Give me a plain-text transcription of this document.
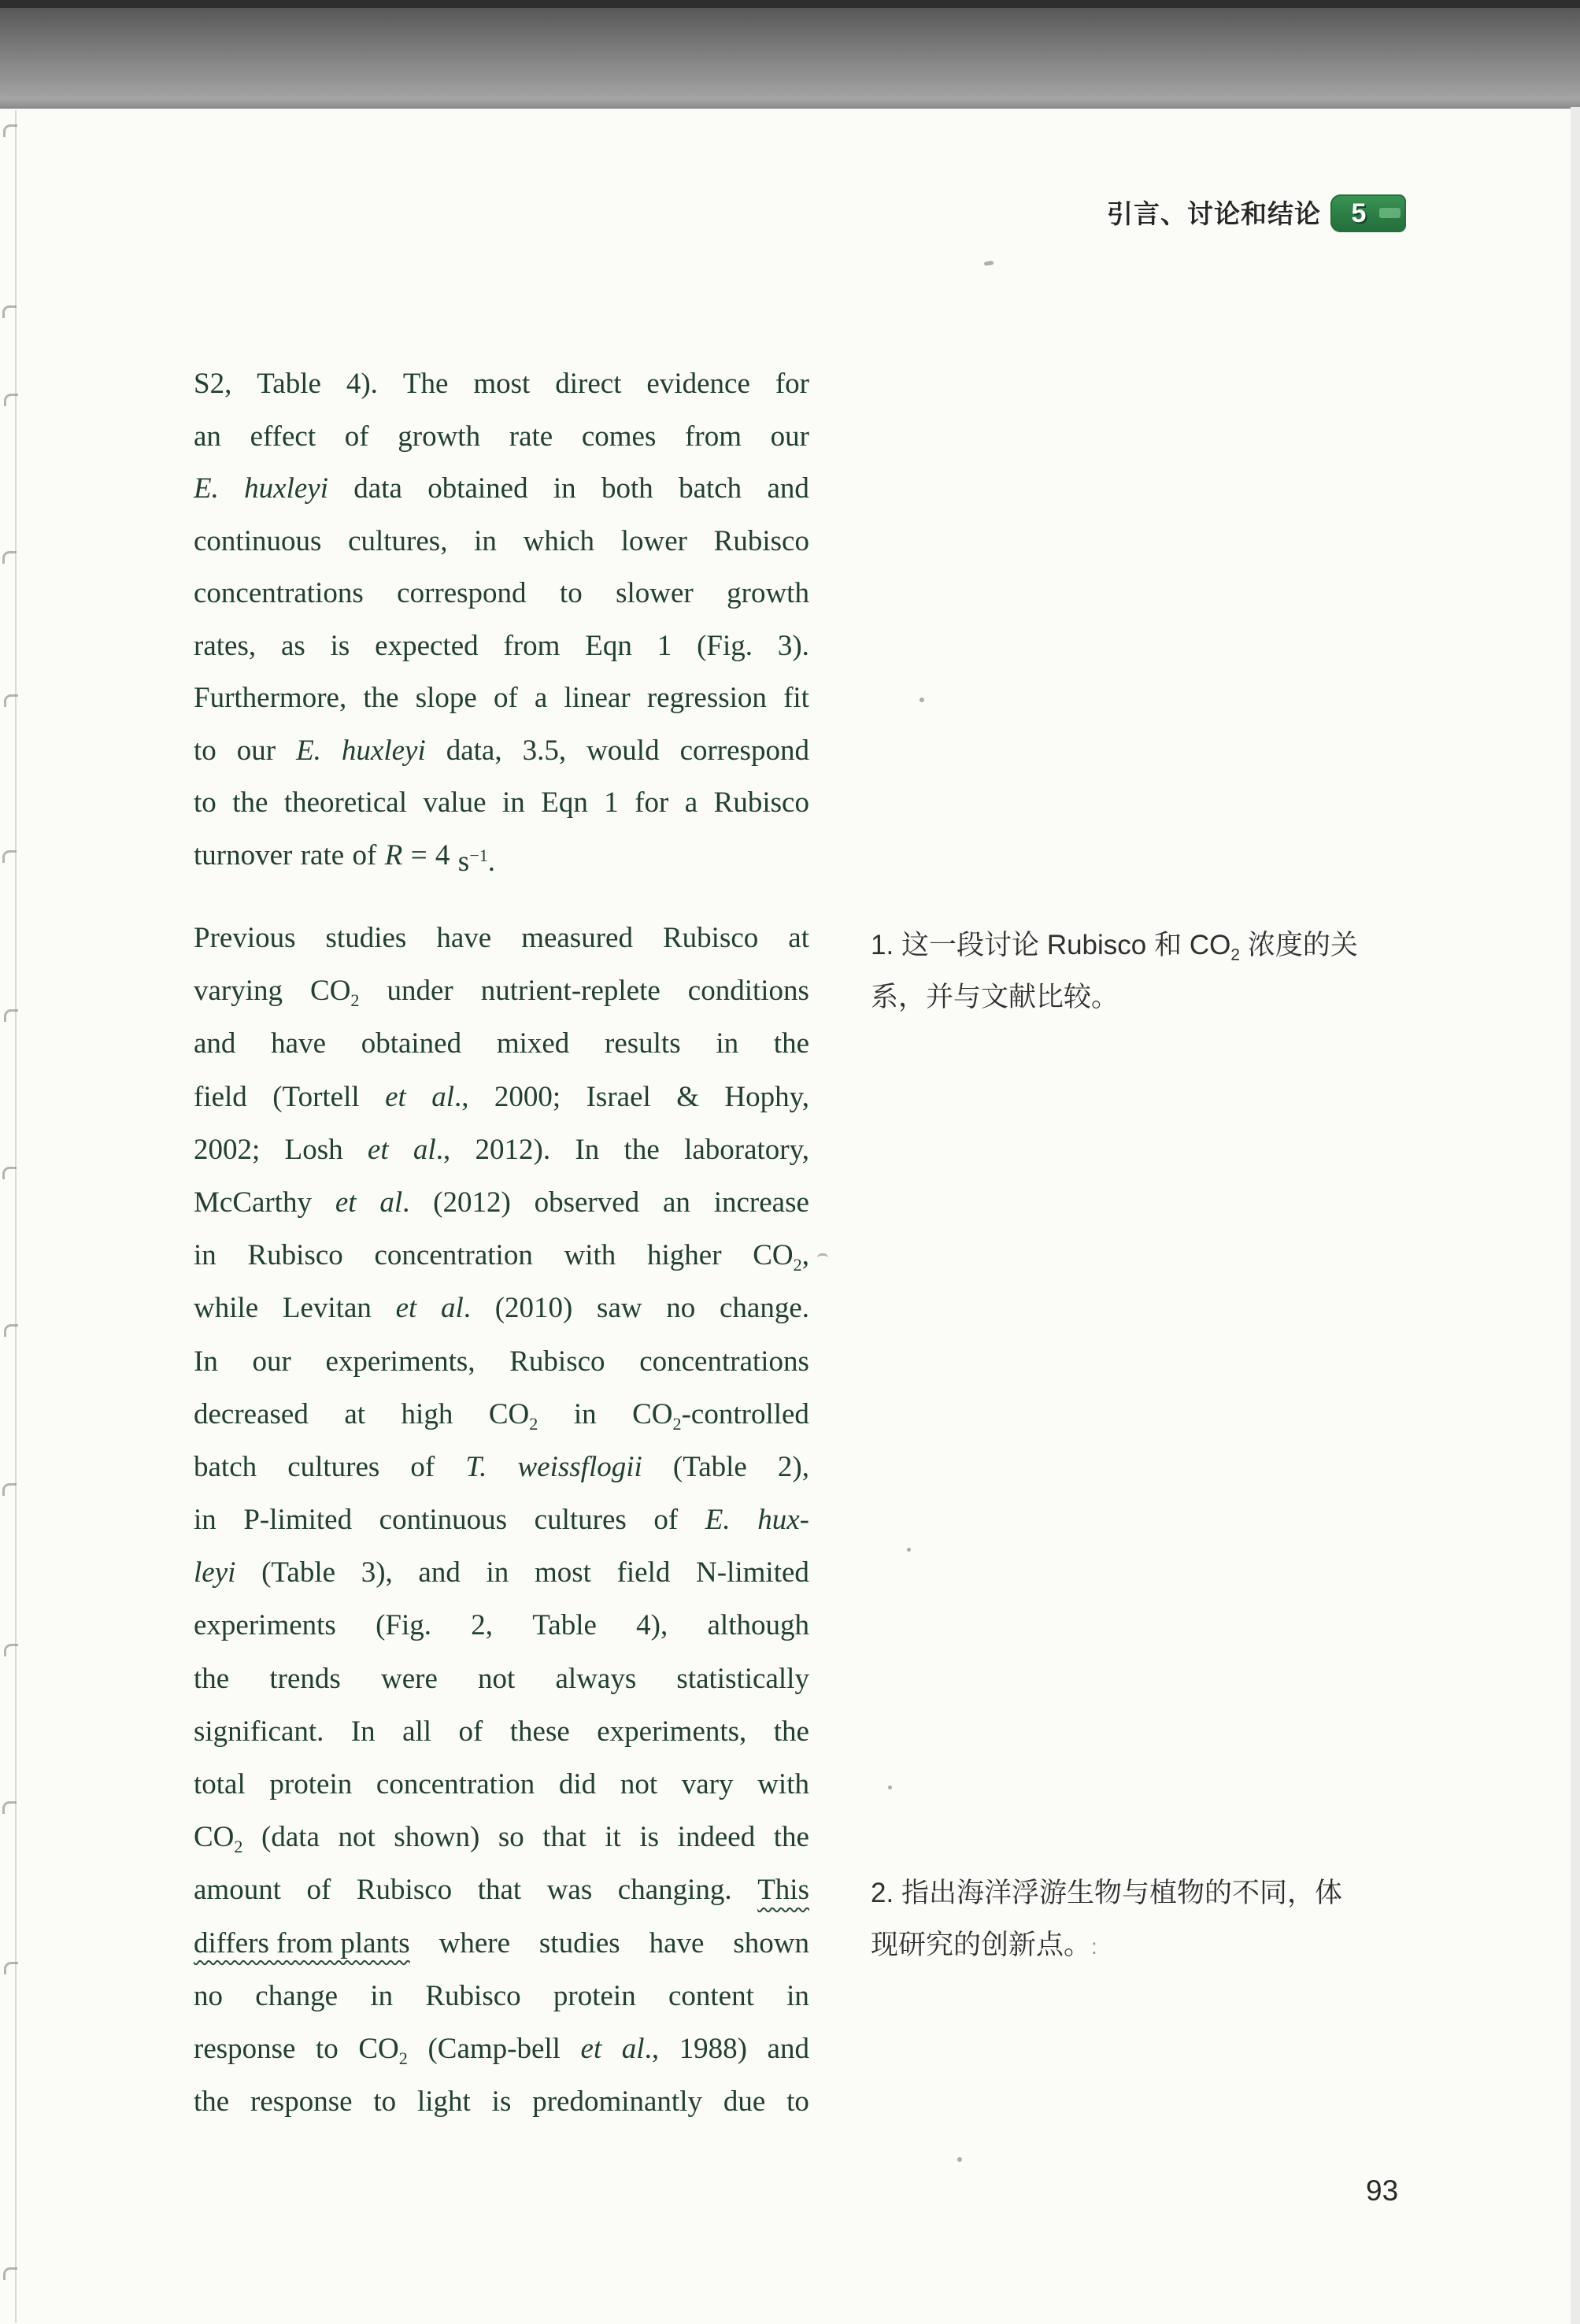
引言、讨论和结论	5
S2, Table 4). The most direct evidence for
an effect of growth rate comes from our
E. huxleyi data obtained in both batch and
continuous cultures, in which lower Rubisco
concentrations correspond to slower growth
rates, as is expected from Eqn 1 (Fig. 3).
Furthermore, the slope of a linear regression fit
to our E. huxleyi data, 3.5, would correspond
to the theoretical value in Eqn 1 for a Rubisco
turnover rate of R = 4 $s^{-1}$.
Previous studies have measured Rubisco at
varying $CO_2$ under nutrient-replete conditions
and have obtained mixed results in the
field (Tortell et al., 2000; Israel & Hophy,
2002; Losh et al., 2012). In the laboratory,
McCarthy et al. (2012) observed an increase
in Rubisco concentration with higher $CO_2$,
while Levitan et al. (2010) saw no change.
In our experiments, Rubisco concentrations
decreased at high $CO_2$ in $CO_2$-controlled
batch cultures of T. weissflogii (Table 2),
in P-limited continuous cultures of E. hux-
leyi (Table 3), and in most field N-limited
experiments (Fig. 2, Table 4), although
the trends were not always statistically
significant. In all of these experiments, the
total protein concentration did not vary with
$CO_2$ (data not shown) so that it is indeed the
amount of Rubisco that was changing. This
differs from plants where studies have shown
no change in Rubisco protein content in
response to $CO_2$ (Camp-bell et al., 1988) and
the response to light is predominantly due to
1. 这一段讨论 Rubisco 和 $CO_2$ 浓度的关
系，并与文献比较。
2. 指出海洋浮游生物与植物的不同，体
现研究的创新点。:
93
